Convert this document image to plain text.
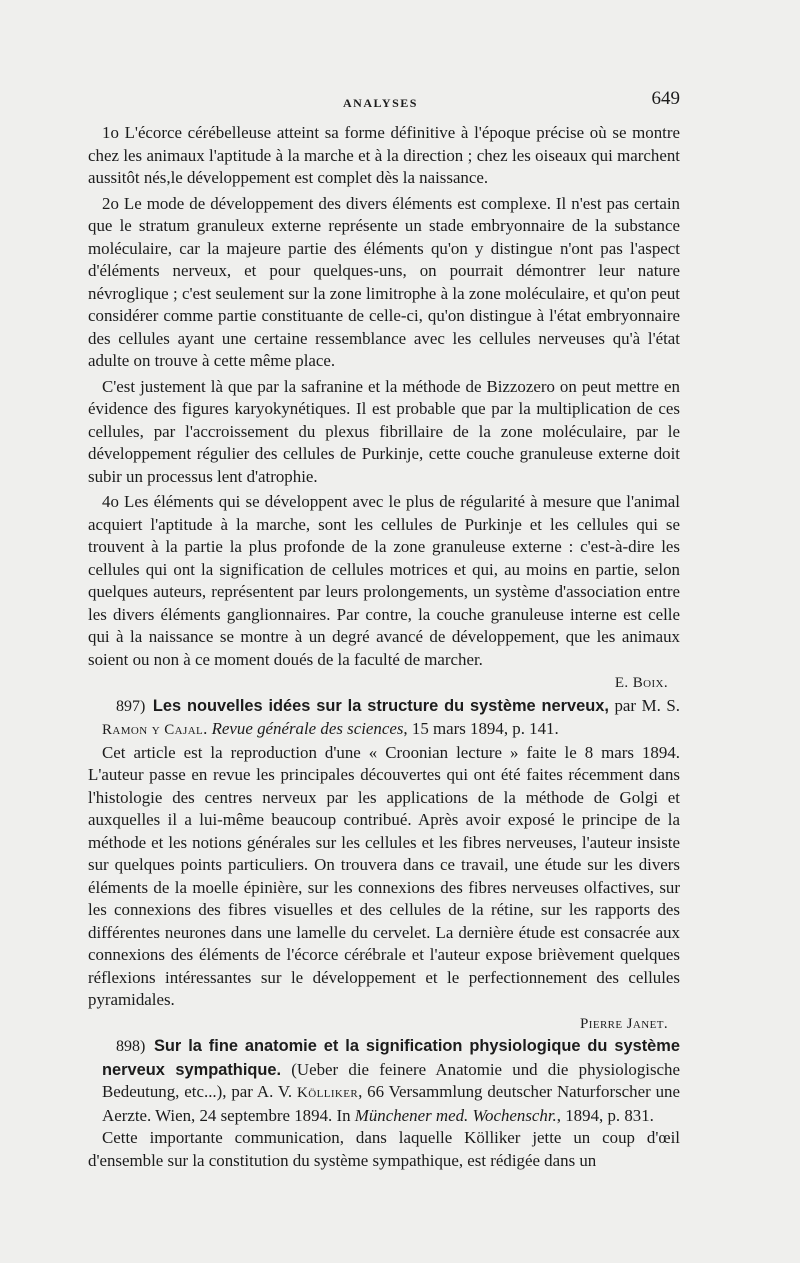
ANALYSES	649

1o L'écorce cérébelleuse atteint sa forme définitive à l'époque précise où se montre chez les animaux l'aptitude à la marche et à la direction ; chez les oiseaux qui marchent aussitôt nés,le développement est complet dès la naissance.

2o Le mode de développement des divers éléments est complexe. Il n'est pas certain que le stratum granuleux externe représente un stade embryonnaire de la substance moléculaire, car la majeure partie des éléments qu'on y distingue n'ont pas l'aspect d'éléments nerveux, et pour quelques-uns, on pourrait démontrer leur nature névroglique ; c'est seulement sur la zone limitrophe à la zone moléculaire, et qu'on peut considérer comme partie constituante de celle-ci, qu'on distingue à l'état embryonnaire des cellules ayant une certaine ressemblance avec les cellules nerveuses qu'à l'état adulte on trouve à cette même place.

C'est justement là que par la safranine et la méthode de Bizzozero on peut mettre en évidence des figures karyokynétiques. Il est probable que par la multiplication de ces cellules, par l'accroissement du plexus fibrillaire de la zone moléculaire, par le développement régulier des cellules de Purkinje, cette couche granuleuse externe doit subir un processus lent d'atrophie.

4o Les éléments qui se développent avec le plus de régularité à mesure que l'animal acquiert l'aptitude à la marche, sont les cellules de Purkinje et les cellules qui se trouvent à la partie la plus profonde de la zone granuleuse externe : c'est-à-dire les cellules qui ont la signification de cellules motrices et qui, au moins en partie, selon quelques auteurs, représentent par leurs prolongements, un système d'association entre les divers éléments ganglionnaires. Par contre, la couche granuleuse interne est celle qui à la naissance se montre à un degré avancé de développement, que les animaux soient ou non à ce moment doués de la faculté de marcher.

E. Boix.

897) Les nouvelles idées sur la structure du système nerveux, par M. S. Ramon y Cajal. Revue générale des sciences, 15 mars 1894, p. 141.

Cet article est la reproduction d'une « Croonian lecture » faite le 8 mars 1894. L'auteur passe en revue les principales découvertes qui ont été faites récemment dans l'histologie des centres nerveux par les applications de la méthode de Golgi et auxquelles il a lui-même beaucoup contribué. Après avoir exposé le principe de la méthode et les notions générales sur les cellules et les fibres nerveuses, l'auteur insiste sur quelques points particuliers. On trouvera dans ce travail, une étude sur les divers éléments de la moelle épinière, sur les connexions des fibres nerveuses olfactives, sur les connexions des fibres visuelles et des cellules de la rétine, sur les rapports des différentes neurones dans une lamelle du cervelet. La dernière étude est consacrée aux connexions des éléments de l'écorce cérébrale et l'auteur expose brièvement quelques réflexions intéressantes sur le développement et le perfectionnement des cellules pyramidales.

Pierre Janet.

898) Sur la fine anatomie et la signification physiologique du système nerveux sympathique. (Ueber die feinere Anatomie und die physiologische Bedeutung, etc...), par A. V. Kölliker, 66 Versammlung deutscher Naturforscher une Aerzte. Wien, 24 septembre 1894. In Münchener med. Wochenschr., 1894, p. 831.

Cette importante communication, dans laquelle Kölliker jette un coup d'œil d'ensemble sur la constitution du système sympathique, est rédigée dans un
